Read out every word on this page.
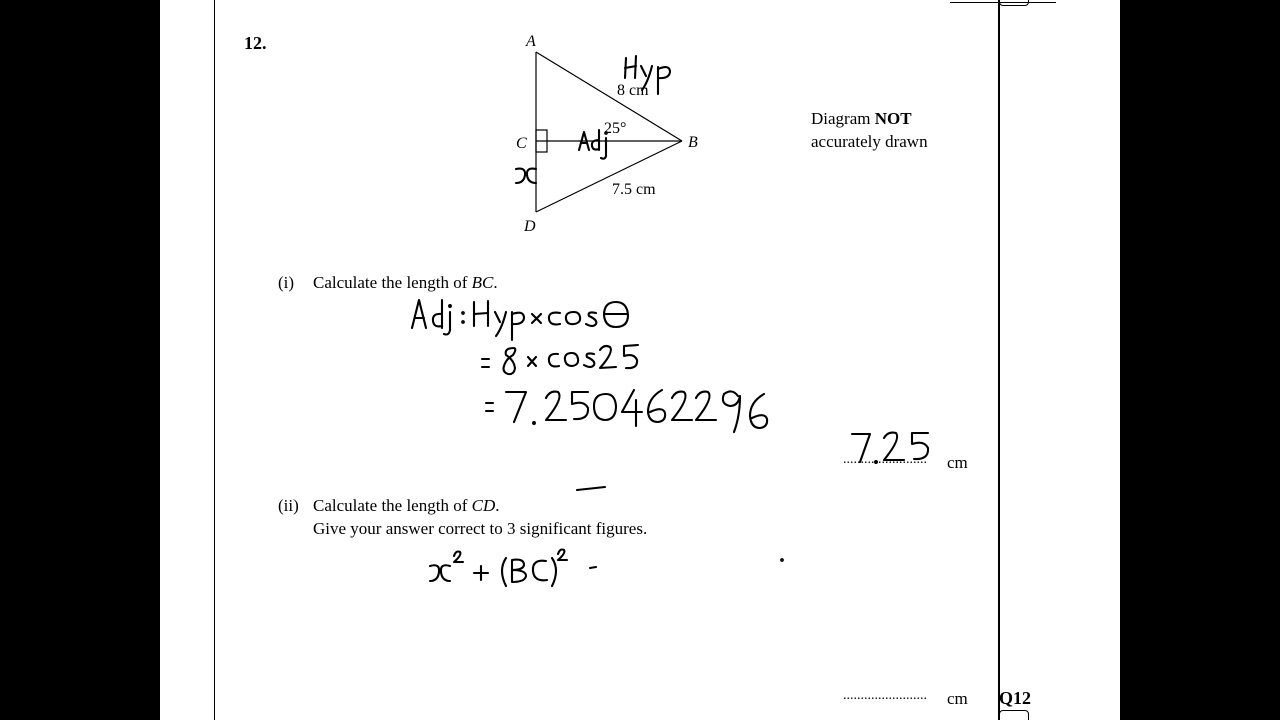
12.
Q12
A
B
C
D
8 cm
7.5 cm
25°
Diagram NOT
accurately drawn
(i) Calculate the length of BC.
........................ cm
(ii) Calculate the length of CD.
Give your answer correct to 3 significant figures.
........................ cm
